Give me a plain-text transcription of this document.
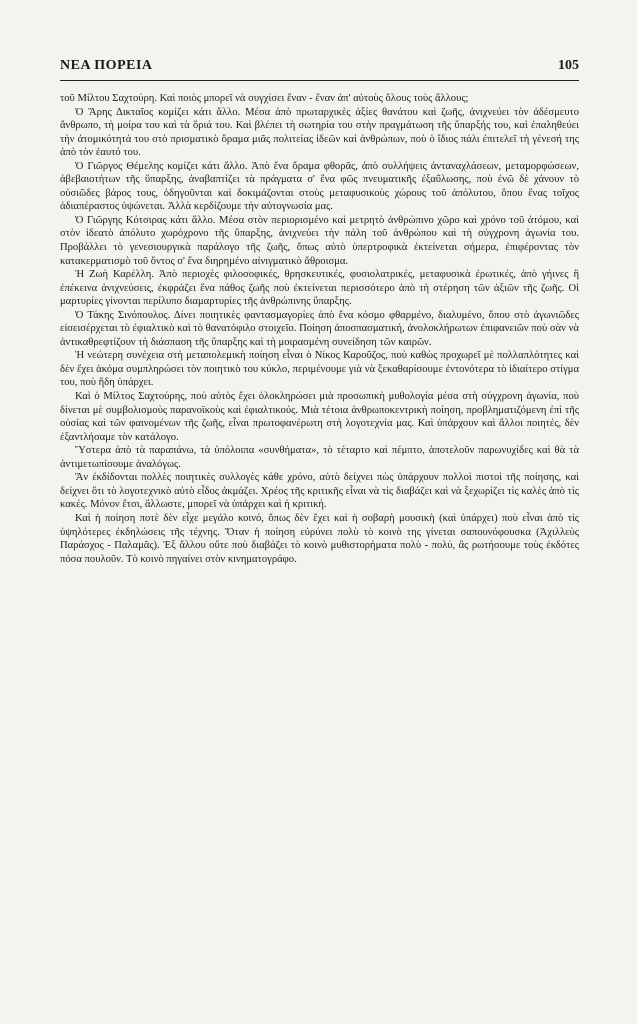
ΝΕΑ ΠΟΡΕΙΑ	105

τοῦ Μίλτου Σαχτούρη. Καὶ ποιὸς μπορεῖ νὰ συγχίσει ἕναν - ἕναν ἀπ' αὐτοὺς ὅλους τοὺς ἄλλους;

Ὁ Ἄρης Δικταῖος κομίζει κάτι ἄλλο. Μέσα ἀπὸ πρωταρχικὲς ἀξίες θανάτου καὶ ζωῆς, ἀνιχνεύει τὸν ἀδέσμευτο ἄνθρωπο, τὴ μοίρα του καὶ τὰ ὅριά του. Καὶ βλέπει τὴ σωτηρία του στὴν πραγμάτωση τῆς ὕπαρξής του, καὶ ἐπαληθεύει τὴν ἀτομικότητά του στὸ πρισματικὸ ὅραμα μιᾶς πολιτείας ἰδεῶν καὶ ἀνθρώπων, ποὺ ὁ ἴδιος πάλι ἐπιτελεῖ τὴ γένεσή της ἀπὸ τὸν ἑαυτό του.

Ὁ Γιῶργος Θέμελης κομίζει κάτι ἄλλο. Ἀπὸ ἕνα ὅραμα φθορᾶς, ἀπὸ συλλήψεις ἀνταναχλάσεων, μεταμορφώσεων, ἀβεβαιοτήτων τῆς ὕπαρξης, ἀναβαπτίζει τὰ πράγματα σ' ἕνα φῶς πνευματικῆς ἐξαΰλωσης, ποὺ ἐνῶ δὲ χάνουν τὸ οὐσιῶδες βάρος τους, ὁδηγοῦνται καὶ δοκιμάζονται στοὺς μεταφυσικοὺς χώρους τοῦ ἀπόλυτου, ὅπου ἕνας τοῖχος ἀδιαπέραστος ὑψώνεται. Ἀλλὰ κερδίζουμε τὴν αὐτογνωσία μας.

Ὁ Γιῶργης Κότσιρας κάτι ἄλλο. Μέσα στὸν περιορισμένο καὶ μετρητὸ ἀνθρώπινο χῶρο καὶ χρόνο τοῦ ἀτόμου, καὶ στὸν ἰδεατὸ ἀπόλυτο χωρόχρονο τῆς ὕπαρξης, ἀνιχνεύει τὴν πάλη τοῦ ἀνθρώπου καὶ τὴ σύγχρονη ἀγωνία του. Προβάλλει τὸ γενεσιουργικὰ παράλογο τῆς ζωῆς, ὅπως αὐτὸ ὑπερτροφικὰ ἐκτείνεται σήμερα, ἐπιφέροντας τὸν κατακερματισμὸ τοῦ ὄντος σ' ἕνα διηρημένο αἰνιγματικὸ ἄθροισμα.

Ἡ Ζωὴ Καρέλλη. Ἀπὸ περιοχὲς φιλοσοφικές, θρησκευτικές, φυσιολατρικές, μεταφυσικὰ ἐρωτικές, ἀπὸ γήινες ἢ ἐπέκεινα ἀνιχνεύσεις, ἐκφράζει ἕνα πάθος ζωῆς ποὺ ἐκτείνεται περισσότερο ἀπὸ τὴ στέρηση τῶν ἀξιῶν τῆς ζωῆς. Οἱ μαρτυρίες γίνονται περίλυπο διαμαρτυρίες τῆς ἀνθρώπινης ὕπαρξης.

Ὁ Τάκης Σινόπουλος. Δίνει ποιητικὲς φαντασμαγορίες ἀπὸ ἕνα κόσμο φθαρμένο, διαλυμένο, ὅπου στὸ ἀγωνιῶδες εἰσεισέρχεται τὸ ἐφιαλτικὸ καὶ τὸ θανατόφιλο στοιχεῖο. Ποίηση ἀποσπασματική, ἀνολοκλήρωτων ἐπιφανειῶν ποὺ σὰν νὰ ἀντικαθρεφτίζουν τὴ διάσπαση τῆς ὕπαρξης καὶ τὴ μοιρασμένη συνείδηση τῶν καιρῶν.

Ἡ νεώτερη συνέχεια στὴ μεταπολεμικὴ ποίηση εἶναι ὁ Νίκος Καροῦζος, ποὺ καθὼς προχωρεῖ μὲ πολλαπλότητες καὶ δὲν ἔχει ἀκόμα συμπληρώσει τὸν ποιητικὸ του κύκλο, περιμένουμε γιὰ νὰ ξεκαθαρίσουμε ἐντονότερα τὸ ἰδιαίτερο στίγμα του, ποὺ ἤδη ὑπάρχει.

Καὶ ὁ Μίλτος Σαχτούρης, ποὺ αὐτὸς ἔχει ὁλοκληρώσει μιὰ προσωπικὴ μυθολογία μέσα στὴ σύγχρονη ἀγωνία, ποὺ δίνεται μὲ συμβολισμοὺς παρανοϊκοὺς καὶ ἐφιαλτικούς. Μιὰ τέτοια ἀνθρωποκεντρικὴ ποίηση, προβληματιζόμενη ἐπὶ τῆς οὐσίας καὶ τῶν φαινομένων τῆς ζωῆς, εἶναι πρωτοφανέρωτη στὴ λογοτεχνία μας. Καὶ ὑπάρχουν καὶ ἄλλοι ποιητές, δὲν ἐξαντλήσαμε τὸν κατάλογο.

Ὕστερα ἀπὸ τὰ παραπάνω, τὰ ὑπόλοιπα «συνθήματα», τὸ τέταρτο καὶ πέμπτο, ἀποτελοῦν παρωνυχίδες καὶ θὰ τὰ ἀντιμετωπίσουμε ἀναλόγως.

Ἂν ἐκδίδονται πολλὲς ποιητικὲς συλλογὲς κάθε χρόνο, αὐτὸ δείχνει πὼς ὑπάρχουν πολλοὶ πιστοὶ τῆς ποίησης, καὶ δείχνει ὅτι τὸ λογοτεχνικὸ αὐτὸ εἶδος ἀκμάζει. Χρέος τῆς κριτικῆς εἶναι νὰ τὶς διαβάζει καὶ νὰ ξεχωρίζει τὶς καλὲς ἀπὸ τὶς κακές. Μόνον ἔτσι, ἄλλωστε, μπορεῖ νὰ ὑπάρχει καὶ ἡ κριτική.

Καὶ ἡ ποίηση ποτὲ δὲν εἶχε μεγάλο κοινό, ὅπως δὲν ἔχει καὶ ἡ σοβαρὴ μουσικὴ (καὶ ὑπάρχει) ποὺ εἶναι ἀπὸ τὶς ὑψηλότερες ἐκδηλώσεις τῆς τέχνης. Ὅταν ἡ ποίηση εὐρύνει πολὺ τὸ κοινὸ της γίνεται σαπουνόφουσκα (Ἀχιλλεὺς Παράσχος - Παλαμᾶς). Ἐξ ἄλλου οὔτε ποὺ διαβάζει τὸ κοινὸ μυθιστορήματα πολὺ - πολύ, ἂς ρωτήσουμε τοὺς ἐκδότες πόσα πουλοῦν. Τὸ κοινὸ πηγαίνει στὸν κινηματογράφο.
